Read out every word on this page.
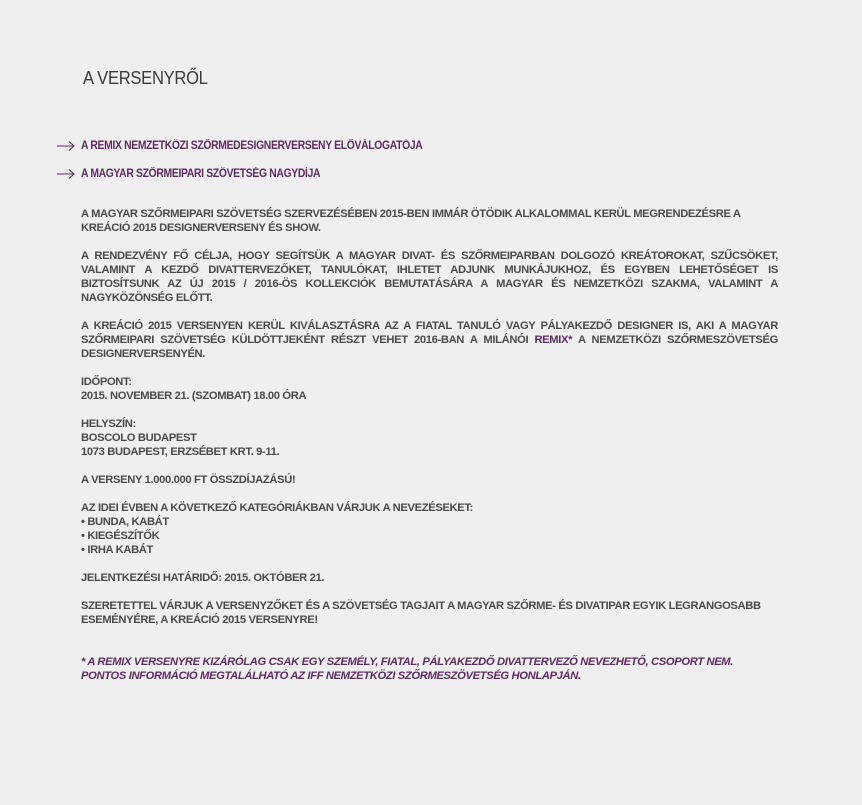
A VERSENYRŐL
A REMIX NEMZETKÖZI SZŐRMEDESIGNERVERSENY ELŐVÁLOGATÓJA
A MAGYAR SZŐRMEIPARI SZÖVETSÉG NAGYDÍJA

A MAGYAR SZŐRMEIPARI SZÖVETSÉG SZERVEZÉSÉBEN 2015-BEN IMMÁR ÖTÖDIK ALKALOMMAL KERÜL MEGRENDEZÉSRE A KREÁCIÓ 2015 DESIGNERVERSENY ÉS SHOW.

A RENDEZVÉNY FŐ CÉLJA, HOGY SEGÍTSÜK A MAGYAR DIVAT- ÉS SZŐRMEIPARBAN DOLGOZÓ KREÁTOROKAT, SZŰCSÖKET, VALAMINT A KEZDŐ DIVATTERVEZŐKET, TANULÓKAT, IHLETET ADJUNK MUNKÁJUKHOZ, ÉS EGYBEN LEHETŐSÉGET IS BIZTOSÍTSUNK AZ ÚJ 2015 / 2016-ÖS KOLLEKCIÓK BEMUTATÁSÁRA A MAGYAR ÉS NEMZETKÖZI SZAKMA, VALAMINT A NAGYKÖZÖNSÉG ELŐTT.

A KREÁCIÓ 2015 VERSENYEN KERÜL KIVÁLASZTÁSRA AZ A FIATAL TANULÓ VAGY PÁLYAKEZDŐ DESIGNER IS, AKI A MAGYAR SZŐRMEIPARI SZÖVETSÉG KÜLDÖTTJEKÉNT RÉSZT VEHET 2016-BAN A MILÁNÓI REMIX* A NEMZETKÖZI SZŐRMESZÖVETSÉG DESIGNERVERSENYÉN.

IDŐPONT:
2015. NOVEMBER 21. (SZOMBAT) 18.00 ÓRA

HELYSZÍN:
BOSCOLO BUDAPEST
1073 BUDAPEST, ERZSÉBET KRT. 9-11.

A VERSENY 1.000.000 FT ÖSSZDÍJAZÁSÚ!

AZ IDEI ÉVBEN A KÖVETKEZŐ KATEGÓRIÁKBAN VÁRJUK A NEVEZÉSEKET:
• BUNDA, KABÁT
• KIEGÉSZÍTŐK
• IRHA KABÁT

JELENTKEZÉSI HATÁRIDŐ: 2015. OKTÓBER 21.

SZERETETTEL VÁRJUK A VERSENYZŐKET ÉS A SZÖVETSÉG TAGJAIT A MAGYAR SZŐRME- ÉS DIVATIPAR EGYIK LEGRANGOSABB ESEMÉNYÉRE, A KREÁCIÓ 2015 VERSENYRE!

* A REMIX VERSENYRE KIZÁRÓLAG CSAK EGY SZEMÉLY, FIATAL, PÁLYAKEZDŐ DIVATTERVEZŐ NEVEZHETŐ, CSOPORT NEM. PONTOS INFORMÁCIÓ MEGTALÁLHATÓ AZ IFF NEMZETKÖZI SZŐRMESZÖVETSÉG HONLAPJÁN.
